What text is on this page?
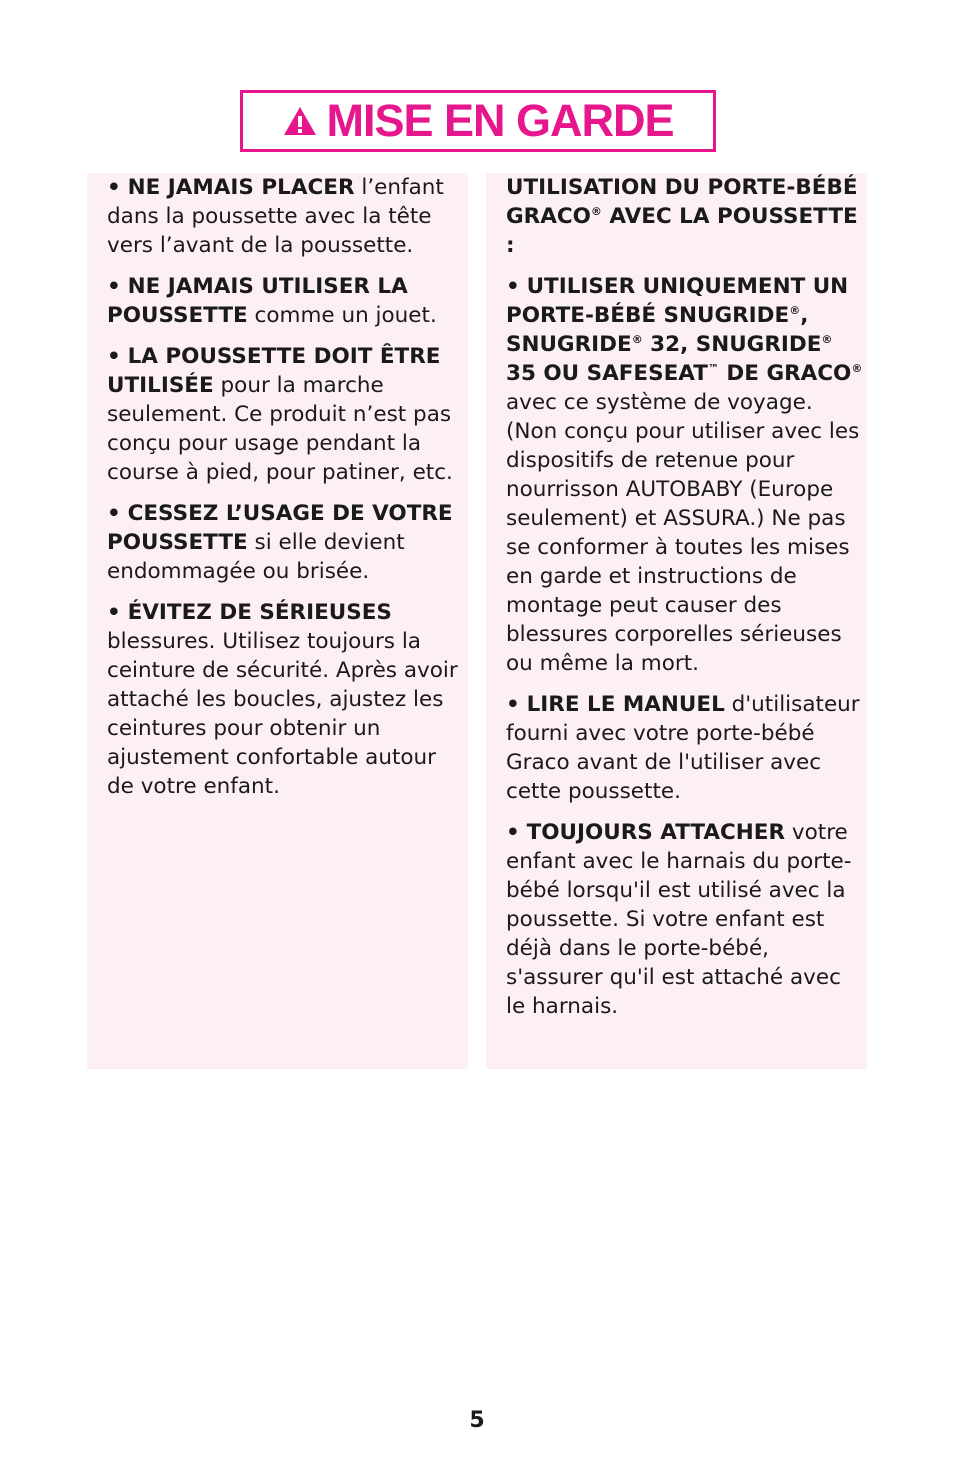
MISE EN GARDE
• NE JAMAIS PLACER l’enfant dans la poussette avec la tête vers l’avant de la poussette.
• NE JAMAIS UTILISER LA POUSSETTE comme un jouet.
• LA POUSSETTE DOIT ÊTRE UTILISÉE pour la marche seulement. Ce produit n’est pas conçu pour usage pendant la course à pied, pour patiner, etc.
• CESSEZ L’USAGE DE VOTRE POUSSETTE si elle devient endommagée ou brisée.
• ÉVITEZ DE SÉRIEUSES blessures. Utilisez toujours la ceinture de sécurité. Après avoir attaché les boucles, ajustez les ceintures pour obtenir un ajustement confortable autour de votre enfant.
UTILISATION DU PORTE-BÉBÉ GRACO® AVEC LA POUSSETTE :
• UTILISER UNIQUEMENT UN PORTE-BÉBÉ SNUGRIDE®, SNUGRIDE® 32, SNUGRIDE® 35 OU SAFESEAT™ DE GRACO® avec ce système de voyage. (Non conçu pour utiliser avec les dispositifs de retenue pour nourrisson AUTOBABY (Europe seulement) et ASSURA.) Ne pas se conformer à toutes les mises en garde et instructions de montage peut causer des blessures corporelles sérieuses ou même la mort.
• LIRE LE MANUEL d'utilisateur fourni avec votre porte-bébé Graco avant de l'utiliser avec cette poussette.
• TOUJOURS ATTACHER votre enfant avec le harnais du porte-bébé lorsqu'il est utilisé avec la poussette. Si votre enfant est déjà dans le porte-bébé, s'assurer qu'il est attaché avec le harnais.
5
